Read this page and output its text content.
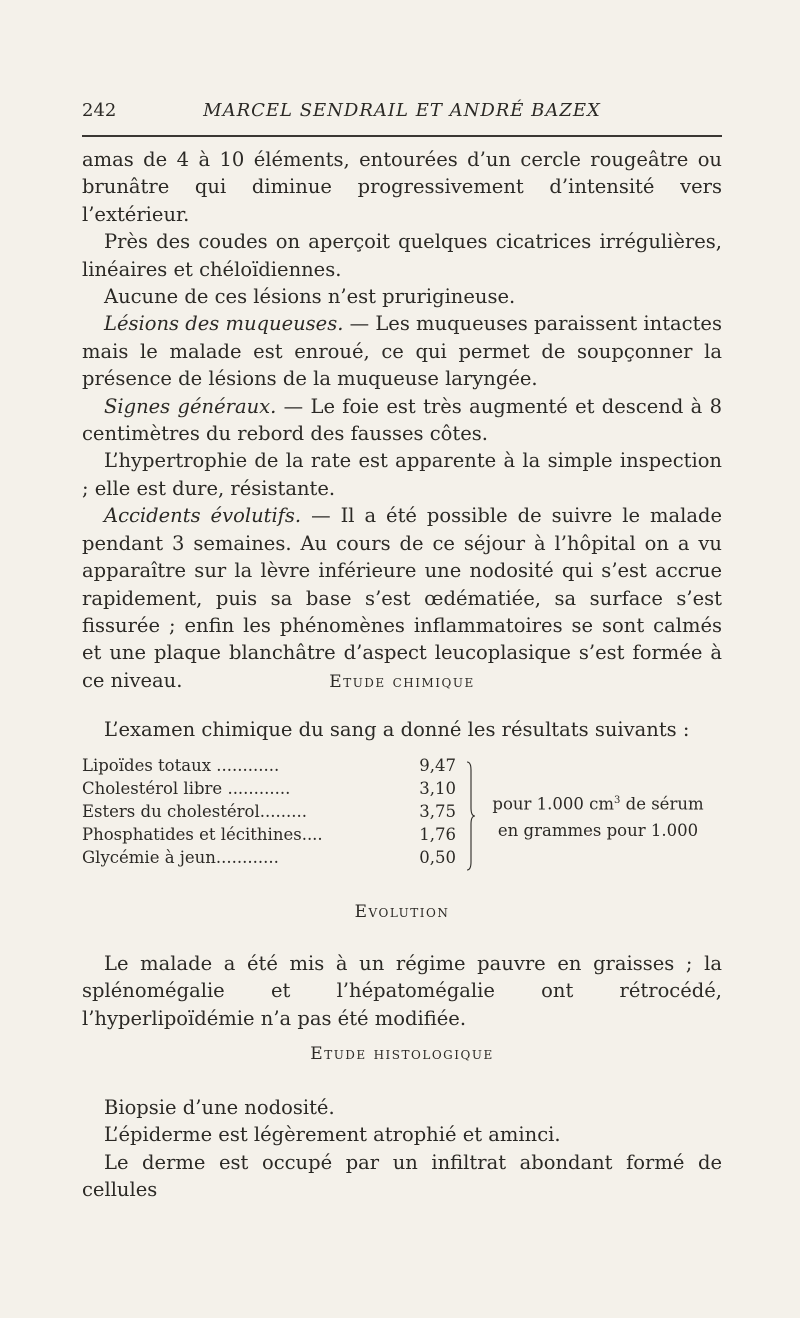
242	MARCEL SENDRAIL ET ANDRÉ BAZEX

amas de 4 à 10 éléments, entourées d’un cercle rougeâtre ou brunâtre qui diminue progressivement d’intensité vers l’extérieur.

Près des coudes on aperçoit quelques cicatrices irrégulières, linéaires et chéloïdiennes.

Aucune de ces lésions n’est prurigineuse.

Lésions des muqueuses. — Les muqueuses paraissent intactes mais le malade est enroué, ce qui permet de soupçonner la présence de lésions de la muqueuse laryngée.

Signes généraux. — Le foie est très augmenté et descend à 8 centimètres du rebord des fausses côtes.

L’hypertrophie de la rate est apparente à la simple inspection ; elle est dure, résistante.

Accidents évolutifs. — Il a été possible de suivre le malade pendant 3 semaines. Au cours de ce séjour à l’hôpital on a vu apparaître sur la lèvre inférieure une nodosité qui s’est accrue rapidement, puis sa base s’est œdématiée, sa surface s’est fissurée ; enfin les phénomènes inflammatoires se sont calmés et une plaque blanchâtre d’aspect leucoplasique s’est formée à ce niveau.	Etude chimique

L’examen chimique du sang a donné les résultats suivants :

Lipoïdes totaux ............	9,47
Cholestérol libre ............	3,10
Esters du cholestérol.........	3,75
Phosphatides et lécithines....	1,76
Glycémie à jeun............	0,50
pour 1.000 $cm^3$ de sérum
en grammes pour 1.000
Evolution

Le malade a été mis à un régime pauvre en graisses ; la splénomégalie et l’hépatomégalie ont rétrocédé, l’hyperlipoïdémie n’a pas été modifiée.

Etude histologique

Biopsie d’une nodosité.

L’épiderme est légèrement atrophié et aminci.

Le derme est occupé par un infiltrat abondant formé de cellules
